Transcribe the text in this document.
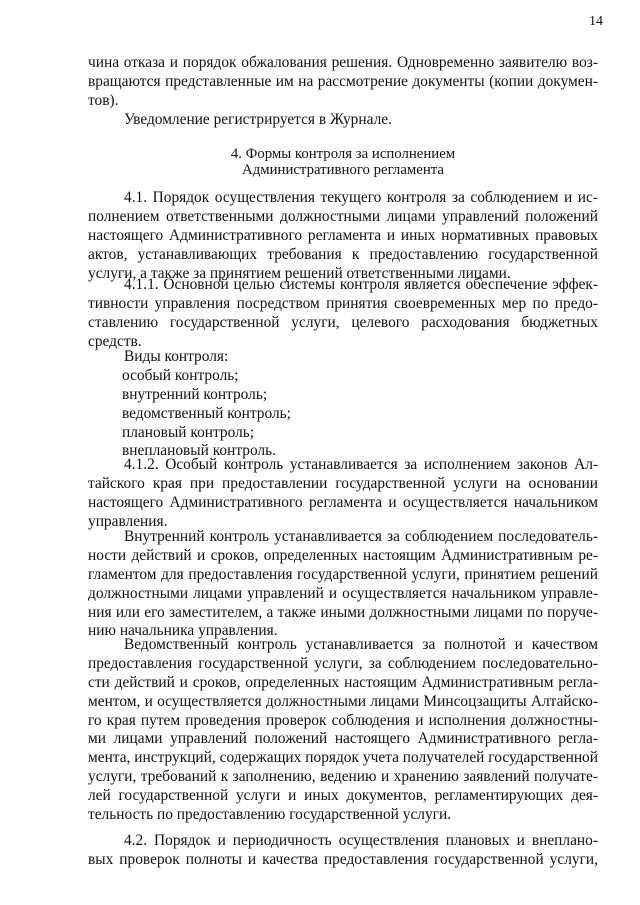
14
чина отказа и порядок обжалования решения. Одновременно заявителю воз-
вращаются представленные им на рассмотрение документы (копии докумен-
тов).
Уведомление регистрируется в Журнале.
4. Формы контроля за исполнением
Административного регламента
4.1. Порядок осуществления текущего контроля за соблюдением и ис-
полнением ответственными должностными лицами управлений положений
настоящего Административного регламента и иных нормативных правовых
актов, устанавливающих требования к предоставлению государственной
услуги, а также за принятием решений ответственными лицами.
4.1.1. Основной целью системы контроля является обеспечение эффек-
тивности управления посредством принятия своевременных мер по предо-
ставлению государственной услуги, целевого расходования бюджетных
средств.
Виды контроля:
особый контроль;
внутренний контроль;
ведомственный контроль;
плановый контроль;
внеплановый контроль.
4.1.2. Особый контроль устанавливается за исполнением законов Ал-
тайского края при предоставлении государственной услуги на основании
настоящего Административного регламента и осуществляется начальником
управления.
Внутренний контроль устанавливается за соблюдением последователь-
ности действий и сроков, определенных настоящим Административным ре-
гламентом для предоставления государственной услуги, принятием решений
должностными лицами управлений и осуществляется начальником управле-
ния или его заместителем, а также иными должностными лицами по поруче-
нию начальника управления.
Ведомственный контроль устанавливается за полнотой и качеством
предоставления государственной услуги, за соблюдением последовательно-
сти действий и сроков, определенных настоящим Административным регла-
ментом, и осуществляется должностными лицами Минсоцзащиты Алтайско-
го края путем проведения проверок соблюдения и исполнения должностны-
ми лицами управлений положений настоящего Административного регла-
мента, инструкций, содержащих порядок учета получателей государственной
услуги, требований к заполнению, ведению и хранению заявлений получате-
лей государственной услуги и иных документов, регламентирующих дея-
тельность по предоставлению государственной услуги.
4.2. Порядок и периодичность осуществления плановых и внеплано-
вых проверок полноты и качества предоставления государственной услуги,
